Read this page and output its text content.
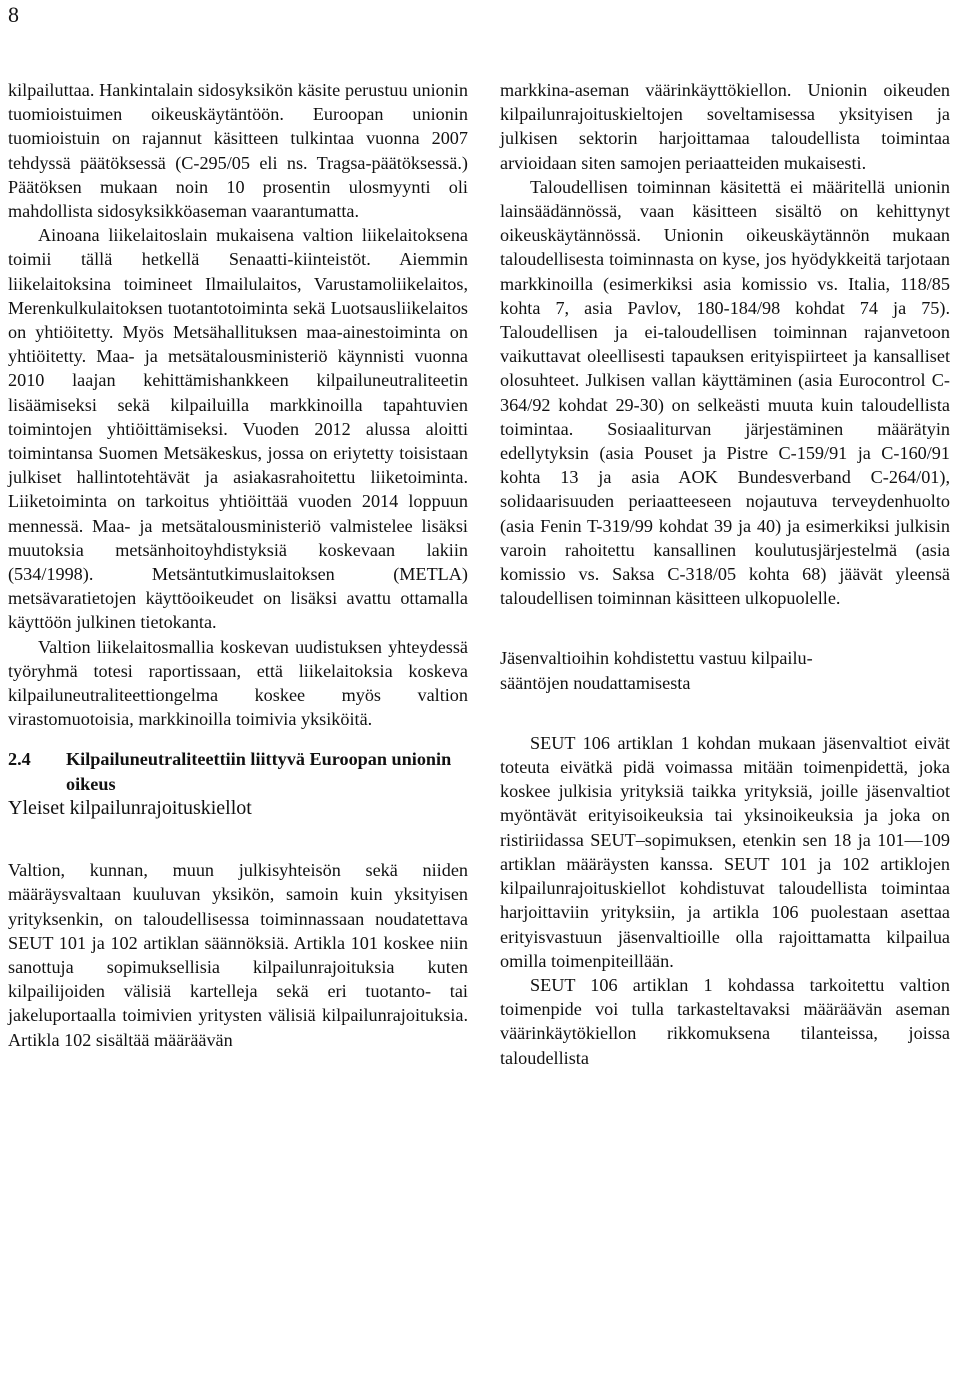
8

kilpailuttaa. Hankintalain sidosyksikön käsite perustuu unionin tuomioistuimen oikeuskäytäntöön. Euroopan unionin tuomioistuin on rajannut käsitteen tulkintaa vuonna 2007 tehdyssä päätöksessä (C-295/05 eli ns. Tragsa-päätöksessä.) Päätöksen mukaan noin 10 prosentin ulosmyynti oli mahdollista sidosyksikköaseman vaarantumatta.

Ainoana liikelaitoslain mukaisena valtion liikelaitoksena toimii tällä hetkellä Senaatti-kiinteistöt. Aiemmin liikelaitoksina toimineet Ilmailulaitos, Varustamoliikelaitos, Merenkulkulaitoksen tuotantotoiminta sekä Luotsausliikelaitos on yhtiöitetty. Myös Metsähallituksen maa-ainestoiminta on yhtiöitetty. Maa- ja metsätalousministeriö käynnisti vuonna 2010 laajan kehittämishankkeen kilpailuneutraliteetin lisäämiseksi sekä kilpailuilla markkinoilla tapahtuvien toimintojen yhtiöittämiseksi. Vuoden 2012 alussa aloitti toimintansa Suomen Metsäkeskus, jossa on eriytetty toisistaan julkiset hallintotehtävät ja asiakasrahoitettu liiketoiminta. Liiketoiminta on tarkoitus yhtiöittää vuoden 2014 loppuun mennessä. Maa- ja metsätalousministeriö valmistelee lisäksi muutoksia metsänhoitoyhdistyksiä koskevaan lakiin (534/1998). Metsäntutkimuslaitoksen (METLA) metsävaratietojen käyttöoikeudet on lisäksi avattu ottamalla käyttöön julkinen tietokanta.

Valtion liikelaitosmallia koskevan uudistuksen yhteydessä työryhmä totesi raportissaan, että liikelaitoksia koskeva kilpailuneutraliteettiongelma koskee myös valtion virastomuotoisia, markkinoilla toimivia yksiköitä.

2.4	Kilpailuneutraliteettiin liittyvä Euroopan unionin oikeus

Yleiset kilpailunrajoituskiellot

Valtion, kunnan, muun julkisyhteisön sekä niiden määräysvaltaan kuuluvan yksikön, samoin kuin yksityisen yrityksenkin, on taloudellisessa toiminnassaan noudatettava SEUT 101 ja 102 artiklan säännöksiä. Artikla 101 koskee niin sanottuja sopimuksellisia kilpailunrajoituksia kuten kilpailijoiden välisiä kartelleja sekä eri tuotanto- tai jakeluportaalla toimivien yritysten välisiä kilpailunrajoituksia. Artikla 102 sisältää määräävän

markkina-aseman väärinkäyttökiellon. Unionin oikeuden kilpailunrajoituskieltojen soveltamisessa yksityisen ja julkisen sektorin harjoittamaa taloudellista toimintaa arvioidaan siten samojen periaatteiden mukaisesti.

Taloudellisen toiminnan käsitettä ei määritellä unionin lainsäädännössä, vaan käsitteen sisältö on kehittynyt oikeuskäytännössä. Unionin oikeuskäytännön mukaan taloudellisesta toiminnasta on kyse, jos hyödykkeitä tarjotaan markkinoilla (esimerkiksi asia komissio vs. Italia, 118/85 kohta 7, asia Pavlov, 180-184/98 kohdat 74 ja 75). Taloudellisen ja ei-taloudellisen toiminnan rajanvetoon vaikuttavat oleellisesti tapauksen erityispiirteet ja kansalliset olosuhteet. Julkisen vallan käyttäminen (asia Eurocontrol C-364/92 kohdat 29-30) on selkeästi muuta kuin taloudellista toimintaa. Sosiaaliturvan järjestäminen määrätyin edellytyksin (asia Pouset ja Pistre C-159/91 ja C-160/91 kohta 13 ja asia AOK Bundesverband C-264/01), solidaarisuuden periaatteeseen nojautuva terveydenhuolto (asia Fenin T-319/99 kohdat 39 ja 40) ja esimerkiksi julkisin varoin rahoitettu kansallinen koulutusjärjestelmä (asia komissio vs. Saksa C-318/05 kohta 68) jäävät yleensä taloudellisen toiminnan käsitteen ulkopuolelle.

Jäsenvaltioihin kohdistettu vastuu kilpailu-

sääntöjen noudattamisesta

SEUT 106 artiklan 1 kohdan mukaan jäsenvaltiot eivät toteuta eivätkä pidä voimassa mitään toimenpidettä, joka koskee julkisia yrityksiä taikka yrityksiä, joille jäsenvaltiot myöntävät erityisoikeuksia tai yksinoikeuksia ja joka on ristiriidassa SEUT–sopimuksen, etenkin sen 18 ja 101—109 artiklan määräysten kanssa. SEUT 101 ja 102 artiklojen kilpailunrajoituskiellot kohdistuvat taloudellista toimintaa harjoittaviin yrityksiin, ja artikla 106 puolestaan asettaa erityisvastuun jäsenvaltioille olla rajoittamatta kilpailua omilla toimenpiteillään.

SEUT 106 artiklan 1 kohdassa tarkoitettu valtion toimenpide voi tulla tarkasteltavaksi määräävän aseman väärinkäytökiellon rikkomuksena tilanteissa, joissa taloudellista
